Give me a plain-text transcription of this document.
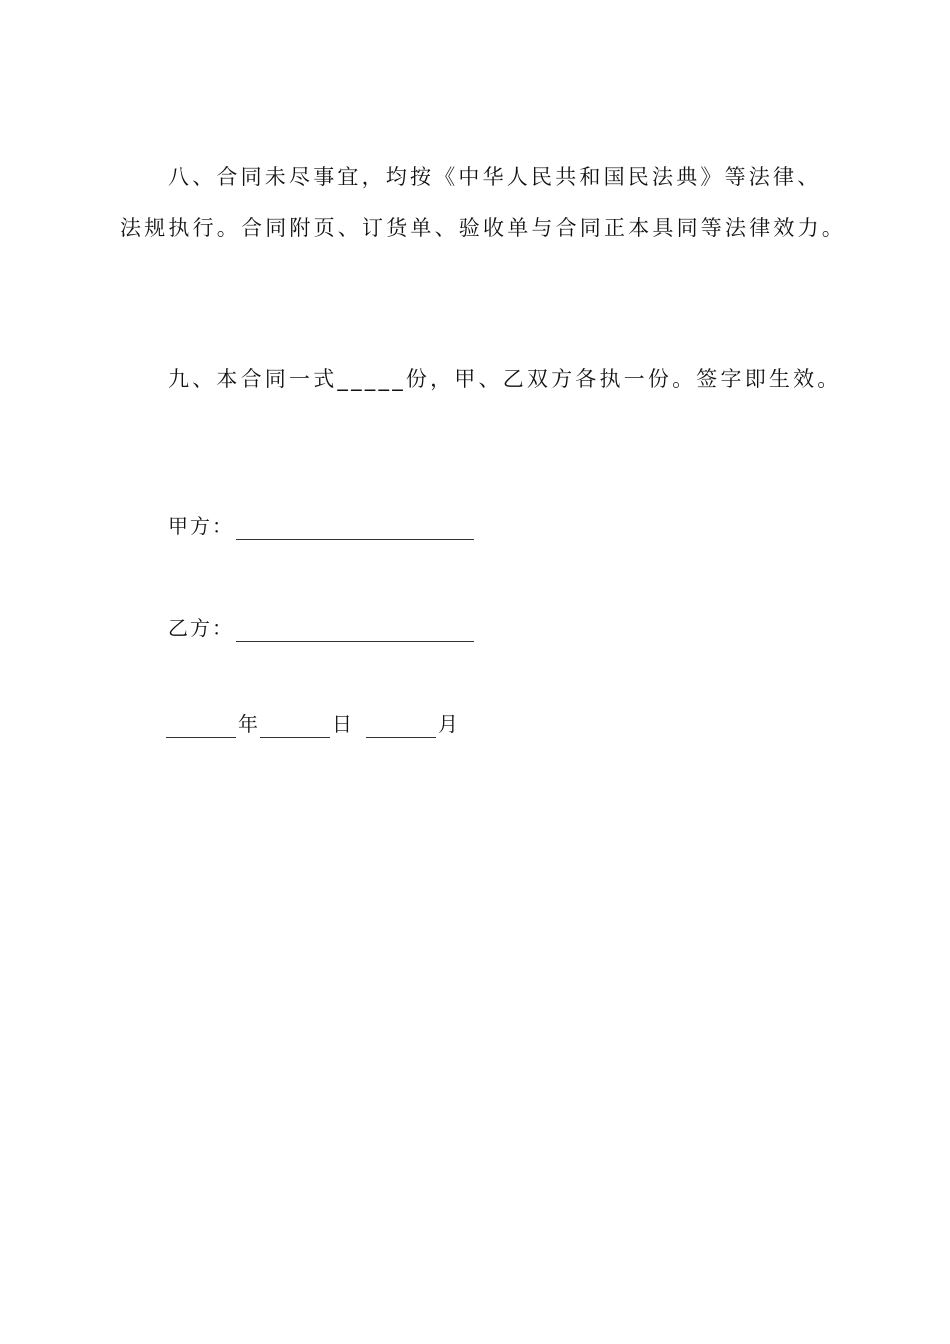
八、合同未尽事宜，均按《中华人民共和国民法典》等法律、
法规执行。合同附页、订货单、验收单与合同正本具同等法律效力。
九、本合同一式_____份，甲、乙双方各执一份。签字即生效。
甲方：
乙方：
年	日	月
